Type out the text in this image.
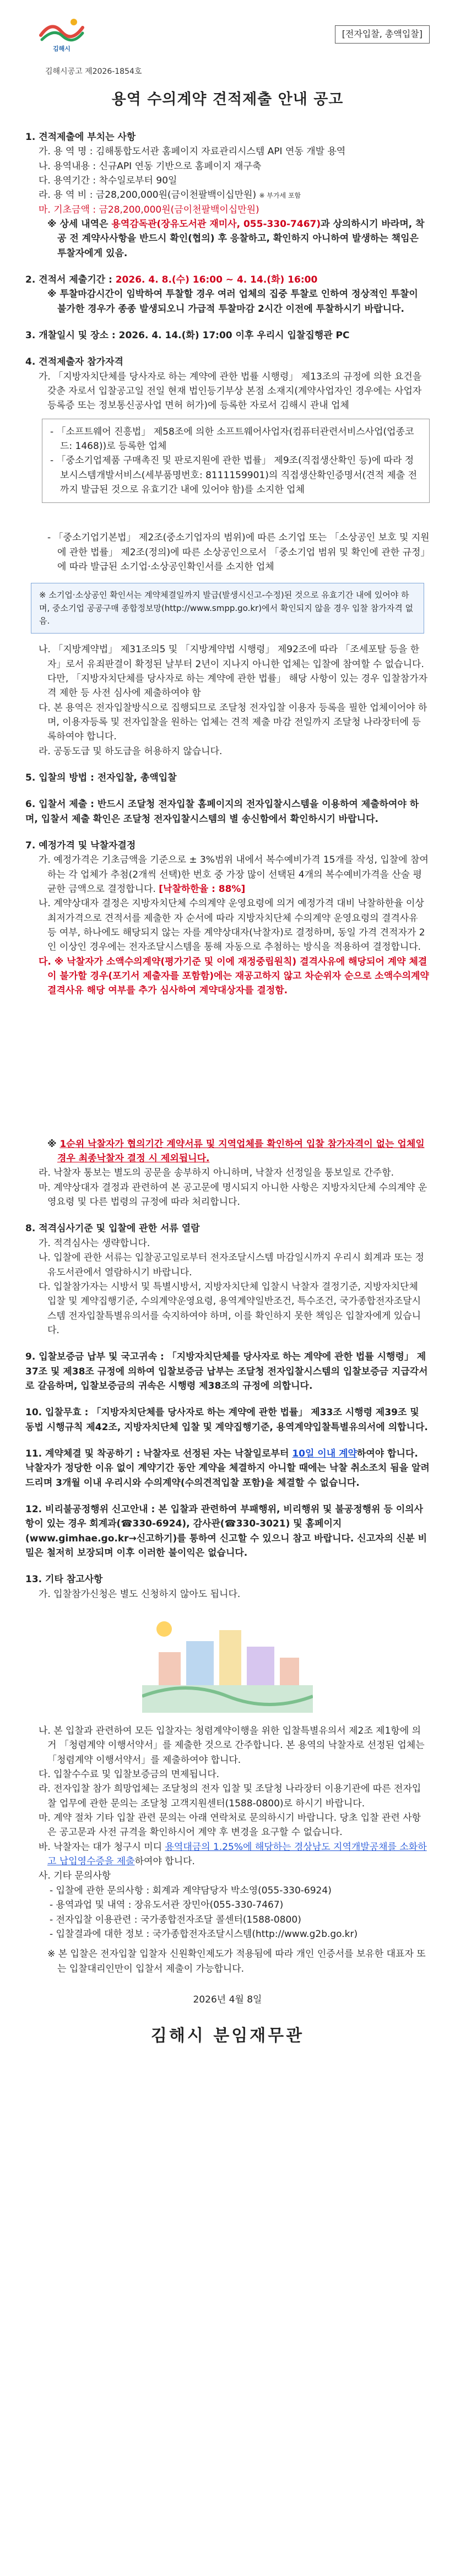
김해시
김해시공고 제2026-1854호
[전자입찰, 총액입찰]
용역 수의계약 견적제출 안내 공고
1. 견적제출에 부치는 사항
가. 용 역 명 : 김해통합도서관 홈페이지 자료관리시스템 API 연동 개발 용역
나. 용역내용 : 신규API 연동 기반으로 홈페이지 재구축
다. 용역기간 : 착수일로부터 90일
라. 용 역 비 : 금28,200,000원(금이천팔백이십만원) ※ 부가세 포함
마. 기초금액 : 금28,200,000원(금이천팔백이십만원)
※ 상세 내역은 용역감독관(장유도서관 재미사, 055-330-7467)과 상의하시기 바라며, 착공 전 계약사사항을 반드시 확인(협의) 후 응찰하고, 확인하지 아니하여 발생하는 책임은 투찰자에게 있음.
2. 견적서 제출기간 : 2026. 4. 8.(수) 16:00 ~ 4. 14.(화) 16:00
※ 투찰마감시간이 임박하여 투찰할 경우 여러 업체의 집중 투찰로 인하여 정상적인 투찰이 불가한 경우가 종종 발생되오니 가급적 투찰마감 2시간 이전에 투찰하시기 바랍니다.
3. 개찰일시 및 장소 : 2026. 4. 14.(화) 17:00 이후 우리시 입찰집행관 PC
4. 견적제출자 참가자격
가. 「지방자치단체를 당사자로 하는 계약에 관한 법률 시행령」 제13조의 규정에 의한 요건을 갖춘 자로서 입찰공고일 전일 현재 법인등기부상 본점 소재지(계약사업자인 경우에는 사업자등록증 또는 정보통신공사업 면허 허가)에 등록한 자로서 김해시 관내 업체
- 「소프트웨어 진흥법」 제58조에 의한 소프트웨어사업자(컴퓨터관련서비스사업(업종코드: 1468))로 등록한 업체
- 「중소기업제품 구매촉진 및 판로지원에 관한 법률」 제9조(직접생산확인 등)에 따라 정보시스템개발서비스(세부품명번호: 8111159901)의 직접생산확인증명서(견적 제출 전까지 발급된 것으로 유효기간 내에 있어야 함)를 소지한 업체
- 「중소기업기본법」 제2조(중소기업자의 범위)에 따른 소기업 또는 「소상공인 보호 및 지원에 관한 법률」 제2조(정의)에 따른 소상공인으로서 「중소기업 범위 및 확인에 관한 규정」에 따라 발급된 소기업·소상공인확인서를 소지한 업체
※ 소기업·소상공인 확인서는 계약체결일까지 발급(발생시신고-수정)된 것으로 유효기간 내에 있어야 하며, 중소기업 공공구매 종합정보망(http://www.smpp.go.kr)에서 확인되지 않을 경우 입찰 참가자격 없음.
나. 「지방계약법」 제31조의5 및 「지방계약법 시행령」 제92조에 따라 「조세포탈 등을 한 자」로서 유죄판결이 확정된 날부터 2년이 지나지 아니한 업체는 입찰에 참여할 수 없습니다. 다만, 「지방자치단체를 당사자로 하는 계약에 관한 법률」 해당 사항이 있는 경우 입찰참가자격 제한 등 사전 심사에 제출하여야 함
다. 본 용역은 전자입찰방식으로 집행되므로 조달청 전자입찰 이용자 등록을 필한 업체이어야 하며, 이용자등록 및 전자입찰을 원하는 업체는 견적 제출 마감 전일까지 조달청 나라장터에 등록하여야 합니다.
라. 공동도급 및 하도급을 허용하지 않습니다.
5. 입찰의 방법 : 전자입찰, 총액입찰
6. 입찰서 제출 : 반드시 조달청 전자입찰 홈페이지의 전자입찰시스템을 이용하여 제출하여야 하며, 입찰서 제출 확인은 조달청 전자입찰시스템의 별 송신함에서 확인하시기 바랍니다.
7. 예정가격 및 낙찰자결정
가. 예정가격은 기초금액을 기준으로 ± 3%범위 내에서 복수예비가격 15개를 작성, 입찰에 참여하는 각 업체가 추첨(2개씩 선택)한 번호 중 가장 많이 선택된 4개의 복수예비가격을 산술 평균한 금액으로 결정합니다. [낙찰하한율 : 88%]
나. 계약상대자 결정은 지방자치단체 수의계약 운영요령에 의거 예정가격 대비 낙찰하한율 이상 최저가격으로 견적서를 제출한 자 순서에 따라 지방자치단체 수의계약 운영요령의 결격사유 등 여부, 하나에도 해당되지 않는 자를 계약상대자(낙찰자)로 결정하며, 동일 가격 견적자가 2인 이상인 경우에는 전자조달시스템을 통해 자동으로 추첨하는 방식을 적용하여 결정합니다.
다. ※ 낙찰자가 소액수의계약(평가기준 및 이에 재정중립원칙) 결격사유에 해당되어 계약 체결이 불가할 경우(포기서 제출자를 포함함)에는 재공고하지 않고 차순위자 순으로 소액수의계약 결격사유 해당 여부를 추가 심사하여 계약대상자를 결정함.
※ 1순위 낙찰자가 협의기간 계약서류 및 지역업체를 확인하여 입찰 참가자격이 없는 업체일 경우 최종낙찰자 결정 시 제외됩니다.
라. 낙찰자 통보는 별도의 공문을 송부하지 아니하며, 낙찰자 선정일을 통보일로 간주함.
마. 계약상대자 결정과 관련하여 본 공고문에 명시되지 아니한 사항은 지방자치단체 수의계약 운영요령 및 다른 법령의 규정에 따라 처리합니다.
8. 적격심사기준 및 입찰에 관한 서류 열람
가. 적격심사는 생략합니다.
나. 입찰에 관한 서류는 입찰공고일로부터 전자조달시스템 마감일시까지 우리시 회계과 또는 정유도서관에서 열람하시기 바랍니다.
다. 입찰참가자는 시방서 및 특별시방서, 지방자치단체 입찰시 낙찰자 결정기준, 지방자치단체 입찰 및 계약집행기준, 수의계약운영요령, 용역계약일반조건, 특수조건, 국가종합전자조달시스템 전자입찰특별유의서를 숙지하여야 하며, 이를 확인하지 못한 책임은 입찰자에게 있습니다.
9. 입찰보증금 납부 및 국고귀속 : 「지방자치단체를 당사자로 하는 계약에 관한 법률 시행령」 제37조 및 제38조 규정에 의하여 입찰보증금 납부는 조달청 전자입찰시스템의 입찰보증금 지급각서로 갈음하며, 입찰보증금의 귀속은 시행령 제38조의 규정에 의합니다.
10. 입찰무효 : 「지방자치단체를 당사자로 하는 계약에 관한 법률」 제33조 시행령 제39조 및 동법 시행규칙 제42조, 지방자치단체 입찰 및 계약집행기준, 용역계약입찰특별유의서에 의합니다.
11. 계약체결 및 착공하기 : 낙찰자로 선정된 자는 낙찰일로부터 10일 이내 계약하여야 합니다. 낙찰자가 정당한 이유 없이 계약기간 동안 계약을 체결하지 아니할 때에는 낙찰 취소조치 됨을 알려 드리며 3개월 이내 우리시와 수의계약(수의견적입찰 포함)을 체결할 수 없습니다.
12. 비리불공정행위 신고안내 : 본 입찰과 관련하여 부패행위, 비리행위 및 불공정행위 등 이의사항이 있는 경우 회계과(☎330-6924), 감사관(☎330-3021) 및 홈페이지(www.gimhae.go.kr→신고하기)를 통하여 신고할 수 있으니 참고 바랍니다. 신고자의 신분 비밀은 철저히 보장되며 이후 이러한 불이익은 없습니다.
13. 기타 참고사항
가. 입찰참가신청은 별도 신청하지 않아도 됩니다.
나. 본 입찰과 관련하여 모든 입찰자는 청렴계약이행을 위한 입찰특별유의서 제2조 제1항에 의거 「청렴계약 이행서약서」를 제출한 것으로 간주합니다. 본 용역의 낙찰자로 선정된 업체는 「청렴계약 이행서약서」를 제출하여야 합니다.
다. 입찰수수료 및 입찰보증금의 면제됩니다.
라. 전자입찰 참가 희망업체는 조달청의 전자 입찰 및 조달청 나라장터 이용기관에 따른 전자입찰 업무에 관한 문의는 조달청 고객지원센터(1588-0800)로 하시기 바랍니다.
마. 계약 절차 기타 입찰 관련 문의는 아래 연락처로 문의하시기 바랍니다. 당초 입찰 관련 사항은 공고문과 사전 규격을 확인하시어 계약 후 변경을 요구할 수 없습니다.
바. 낙찰자는 대가 청구시 미디 용역대금의 1.25%에 해당하는 경상남도 지역개발공채를 소화하고 납입영수증을 제출하여야 합니다.
사. 기타 문의사항
- 입찰에 관한 문의사항 : 회계과 계약담당자 박소영(055-330-6924)
- 용역과업 및 내역 : 장유도서관 장민아(055-330-7467)
- 전자입찰 이용관련 : 국가종합전자조달 콜센터(1588-0800)
- 입찰결과에 대한 정보 : 국가종합전자조달시스템(http://www.g2b.go.kr)
※ 본 입찰은 전자입찰 입찰자 신원확인제도가 적용됨에 따라 개인 인증서를 보유한 대표자 또는 입찰대리인만이 입찰서 제출이 가능합니다.
2026년 4월 8일
김해시 분임재무관
